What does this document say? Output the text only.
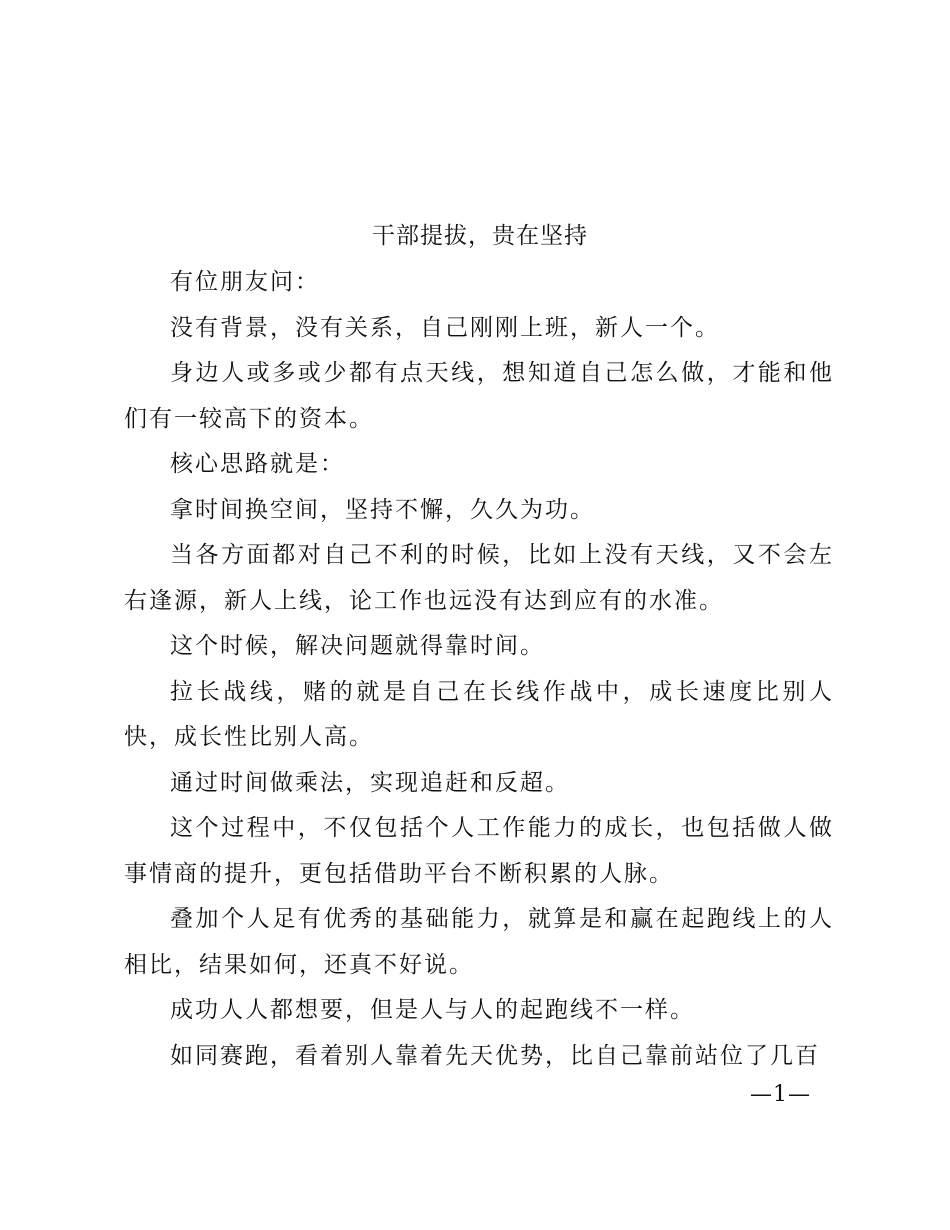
干部提拔，贵在坚持

有位朋友问：

没有背景，没有关系，自己刚刚上班，新人一个。

身边人或多或少都有点天线，想知道自己怎么做，才能和他们有一较高下的资本。

核心思路就是：

拿时间换空间，坚持不懈，久久为功。

当各方面都对自己不利的时候，比如上没有天线，又不会左右逢源，新人上线，论工作也远没有达到应有的水准。

这个时候，解决问题就得靠时间。

拉长战线，赌的就是自己在长线作战中，成长速度比别人快，成长性比别人高。

通过时间做乘法，实现追赶和反超。

这个过程中，不仅包括个人工作能力的成长，也包括做人做事情商的提升，更包括借助平台不断积累的人脉。

叠加个人足有优秀的基础能力，就算是和赢在起跑线上的人相比，结果如何，还真不好说。

成功人人都想要，但是人与人的起跑线不一样。

如同赛跑，看着别人靠着先天优势，比自己靠前站位了几百

—1—
